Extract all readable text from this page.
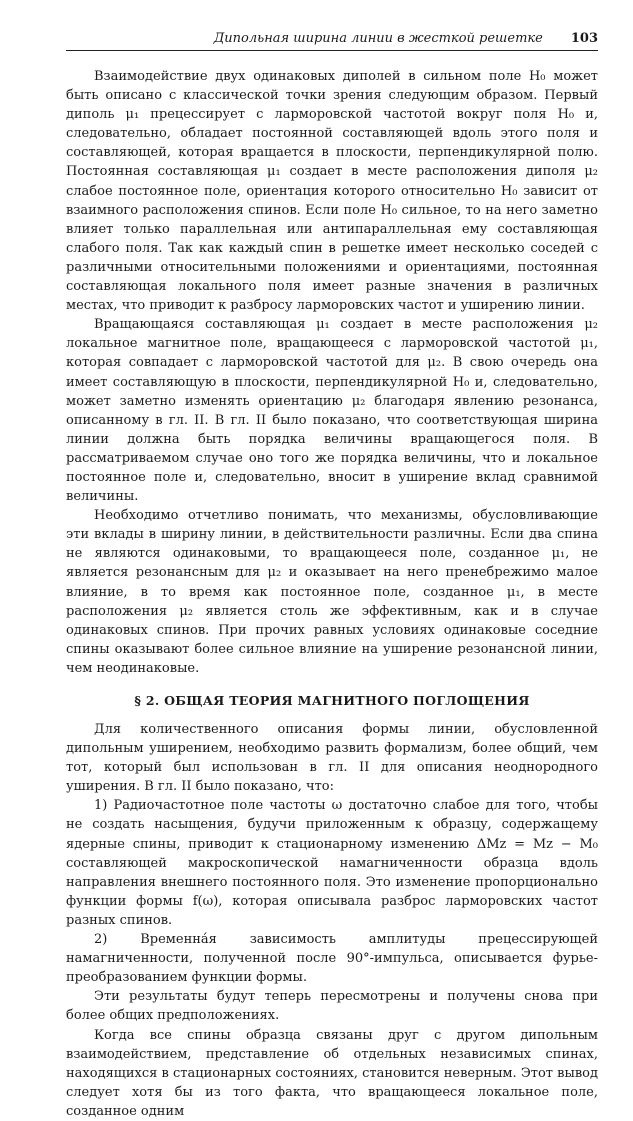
Дипольная ширина линии в жесткой решетке 103

Взаимодействие двух одинаковых диполей в сильном поле H₀ может быть описано с классической точки зрения следующим образом. Первый диполь μ₁ прецессирует с ларморовской частотой вокруг поля H₀ и, следовательно, обладает постоянной составляющей вдоль этого поля и составляющей, которая вращается в плоскости, перпендикулярной полю. Постоянная составляющая μ₁ создает в месте расположения диполя μ₂ слабое постоянное поле, ориентация которого относительно H₀ зависит от взаимного расположения спинов. Если поле H₀ сильное, то на него заметно влияет только параллельная или антипараллельная ему составляющая слабого поля. Так как каждый спин в решетке имеет несколько соседей с различными относительными положениями и ориентациями, постоянная составляющая локального поля имеет разные значения в различных местах, что приводит к разбросу ларморовских частот и уширению линии.

Вращающаяся составляющая μ₁ создает в месте расположения μ₂ локальное магнитное поле, вращающееся с ларморовской частотой μ₁, которая совпадает с ларморовской частотой для μ₂. В свою очередь она имеет составляющую в плоскости, перпендикулярной H₀ и, следовательно, может заметно изменять ориентацию μ₂ благодаря явлению резонанса, описанному в гл. II. В гл. II было показано, что соответствующая ширина линии должна быть порядка величины вращающегося поля. В рассматриваемом случае оно того же порядка величины, что и локальное постоянное поле и, следовательно, вносит в уширение вклад сравнимой величины.

Необходимо отчетливо понимать, что механизмы, обусловливающие эти вклады в ширину линии, в действительности различны. Если два спина не являются одинаковыми, то вращающееся поле, созданное μ₁, не является резонансным для μ₂ и оказывает на него пренебрежимо малое влияние, в то время как постоянное поле, созданное μ₁, в месте расположения μ₂ является столь же эффективным, как и в случае одинаковых спинов. При прочих равных условиях одинаковые соседние спины оказывают более сильное влияние на уширение резонансной линии, чем неодинаковые.

§ 2. ОБЩАЯ ТЕОРИЯ МАГНИТНОГО ПОГЛОЩЕНИЯ

Для количественного описания формы линии, обусловленной дипольным уширением, необходимо развить формализм, более общий, чем тот, который был использован в гл. II для описания неоднородного уширения. В гл. II было показано, что:

1) Радиочастотное поле частоты ω достаточно слабое для того, чтобы не создать насыщения, будучи приложенным к образцу, содержащему ядерные спины, приводит к стационарному изменению ΔMz = Mz − M₀ составляющей макроскопической намагниченности образца вдоль направления внешнего постоянного поля. Это изменение пропорционально функции формы f(ω), которая описывала разброс ларморовских частот разных спинов.

2) Временна́я зависимость амплитуды прецессирующей намагниченности, полученной после 90°-импульса, описывается фурье-преобразованием функции формы.

Эти результаты будут теперь пересмотрены и получены снова при более общих предположениях.

Когда все спины образца связаны друг с другом дипольным взаимодействием, представление об отдельных независимых спинах, находящихся в стационарных состояниях, становится неверным. Этот вывод следует хотя бы из того факта, что вращающееся локальное поле, созданное одним
